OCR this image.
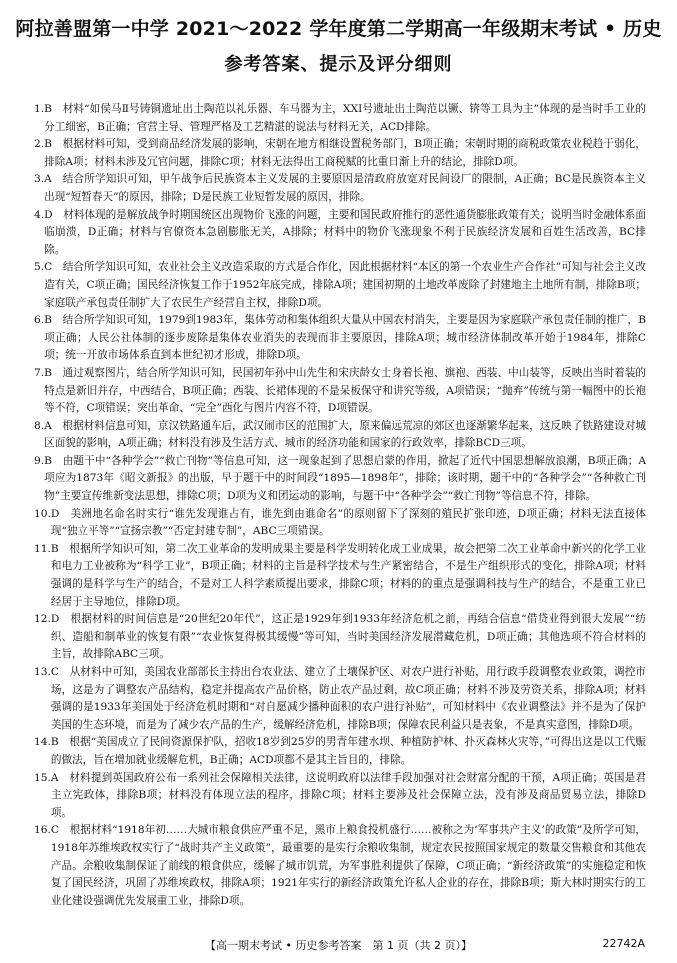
阿拉善盟第一中学 2021～2022 学年度第二学期高一年级期末考试 • 历史
参考答案、提示及评分细则
1. B　材料“如侯马Ⅱ号铸铜遗址出土陶范以礼乐器、车马器为主，XXⅠ号遗址出土陶范以镢、锛等工具为主”体现的是当时手工业的分工细密，B正确；官营主导、管理严格及工艺精湛的说法与材料无关，ACD排除。
2. B　根据材料可知，受到商品经济发展的影响，宋朝在地方相继设置税务部门，B项正确；宋朝时期的商税政策农业税趋于弱化，排除A项；材料未涉及冗官问题，排除C项；材料无法得出工商税赋的比重日渐上升的结论，排除D项。
3. A　结合所学知识可知，甲午战争后民族资本主义发展的主要原因是清政府放宽对民间设厂的限制，A正确；BC是民族资本主义出现“短暂春天”的原因，排除；D是民族工业短暂发展的原因，排除。
4. D　材料体现的是解放战争时期国统区出现物价飞涨的问题，主要和国民政府推行的恶性通货膨胀政策有关；说明当时金融体系面临崩溃，D正确；材料与官僚资本急剧膨胀无关，A排除；材料中的物价飞涨现象不利于民族经济发展和百姓生活改善，BC排除。
5. C　结合所学知识可知，农业社会主义改造采取的方式是合作化，因此根据材料“本区的第一个农业生产合作社”可知与社会主义改造有关，C项正确；国民经济恢复工作于1952年底完成，排除A项；建国初期的土地改革废除了封建地主土地所有制，排除B项；家庭联产承包责任制扩大了农民生产经营自主权，排除D项。
6. B　结合所学知识可知，1979到1983年，集体劳动和集体组织大量从中国农村消失，主要是因为家庭联产承包责任制的推广，B项正确；人民公社体制的逐步废除是集体农业消失的表现而非主要原因，排除A项；城市经济体制改革开始于1984年，排除C项；统一开放市场体系直到本世纪初才形成，排除D项。
7. B　通过观察图片，结合所学知识可知，民国初年孙中山先生和宋庆龄女士身着长袍、旗袍、西装、中山装等，反映出当时着装的特点是新旧并存，中西结合，B项正确；西装、长裙体现的不是呆板保守和讲究等级，A项错误；“抛弃”传统与第一幅图中的长袍等不符，C项错误；突出革命、“完全”西化与图片内容不符，D项错误。
8. A　根据材料信息可知，京汉铁路通车后，武汉闹市区的范围扩大，原来偏远荒凉的郊区也逐渐繁华起来，这反映了铁路建设对城区面貌的影响，A项正确；材料没有涉及生活方式、城市的经济功能和国家的行政效率，排除BCD三项。
9. B　由题干中“各种学会”“救亡刊物”等信息可知，这一现象起到了思想启蒙的作用，掀起了近代中国思想解放浪潮，B项正确；A项应为1873年《昭文新报》的出版，早于题干中的时间段“1895—1898年”，排除；该时期，题干中的“各种学会”“各种救亡刊物”主要宣传维新变法思想，排除C项；D项为义和团运动的影响，与题干中“各种学会”“救亡刊物”等信息不符，排除。
10. D　美洲地名命名时实行“谁先发现谁占有，谁先到由谁命名”的原则留下了深刻的殖民扩张印迹，D项正确；材料无法直接体现“独立平等”“宣扬宗教”“否定封建专制”，ABC三项错误。
11. B　根据所学知识可知，第二次工业革命的发明成果主要是科学发明转化成工业成果，故会把第二次工业革命中新兴的化学工业和电力工业被称为“科学工业”，B项正确；材料的主旨是科学技术与生产紧密结合，不是生产组织形式的变化，排除A项；材料强调的是科学与生产的结合，不是对工人科学素质提出要求，排除C项；材料的的重点是强调科技与生产的结合，不是重工业已经居于主导地位，排除D项。
12. D　根据材料的时间信息是“20世纪20年代”，这正是1929年到1933年经济危机之前，再结合信息“借贷业得到很大发展”“纺织、造船和制革业的恢复有限”“农业恢复得极其缓慢”等可知，当时美国经济发展潜藏危机，D项正确；其他选项不符合材料的主旨，故排除ABC三项。
13. C　从材料中可知，美国农业部部长主持出台农业法、建立了土壤保护区、对农户进行补贴，用行政手段调整农业政策，调控市场，这是为了调整农产品结构，稳定并提高农产品价格，防止农产品过剩，故C项正确；材料不涉及劳资关系，排除A项；材料强调的是1933年美国处于经济危机时期和“对自愿减少播种面积的农户进行补贴”，可知材料中《农业调整法》并不是为了保护美国的生态环境，而是为了减少农产品的生产，缓解经济危机，排除B项；保障农民利益只是表象，不是真实意图，排除D项。
14. B　根据“美国成立了民间资源保护队，招收18岁到25岁的男青年建水坝、种植防护林、扑灭森林火灾等，”可得出这是以工代赈的做法，旨在增加就业缓解危机，B正确；ACD项都不是其主旨目的，排除。
15. A　材料提到英国政府公布一系列社会保障相关法律，这说明政府以法律手段加强对社会财富分配的干预，A项正确；英国是君主立宪政体，排除B项；材料没有体现立法的程序，排除C项；材料主要涉及社会保障立法，没有涉及商品贸易立法，排除D项。
16. C　根据材料“1918年初……大城市粮食供应严重不足，黑市上粮食投机盛行……被称之为‘军事共产主义’的政策”及所学可知，1918年苏维埃政权实行了“战时共产主义政策”，最重要的是实行余粮收集制，规定农民按照国家规定的数量交售粮食和其他农产品。余粮收集制保证了前线的粮食供应，缓解了城市饥荒，为军事胜利提供了保障，C项正确；“新经济政策”的实施稳定和恢复了国民经济，巩固了苏维埃政权，排除A项；1921年实行的新经济政策允许私人企业的存在，排除B项；斯大林时期实行的工业化建设强调优先发展重工业，排除D项。
【高一期末考试 • 历史参考答案　第 1 页（共 2 页）】	22742A
